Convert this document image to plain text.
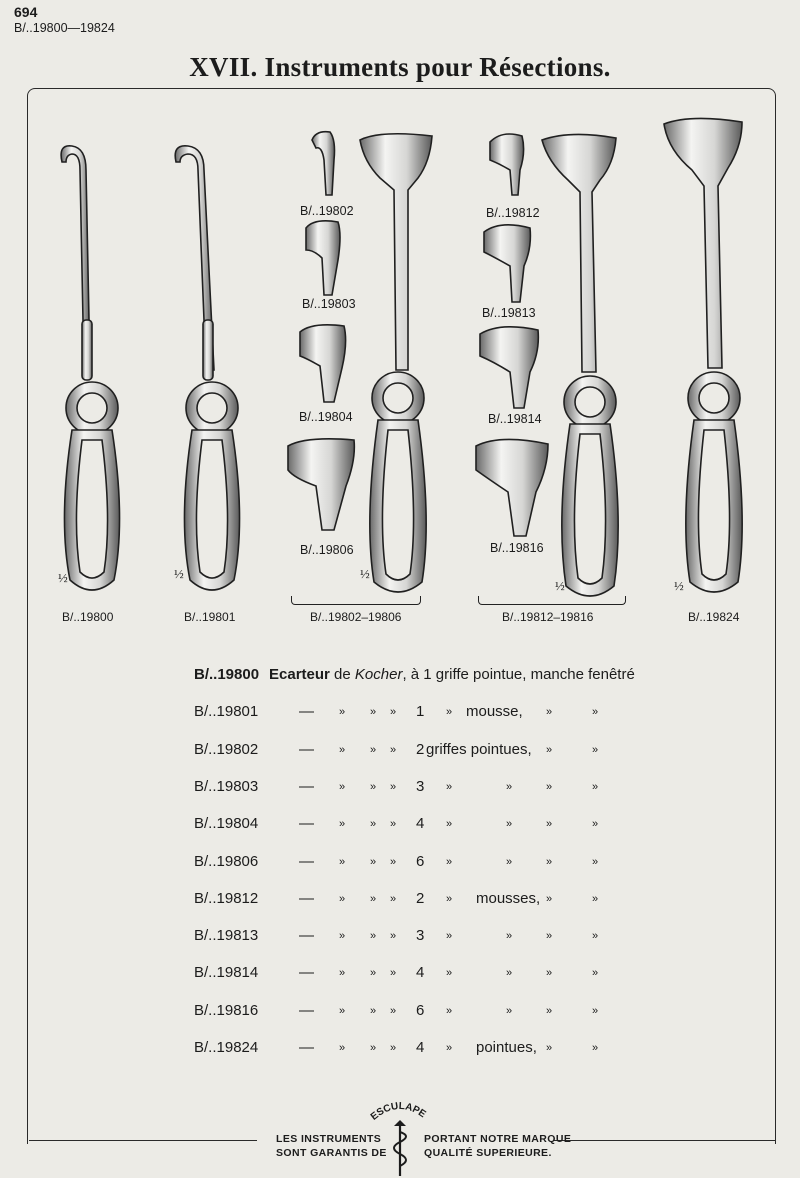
694
B/..19800—19824
XVII. Instruments pour Résections.
B/..19802
B/..19803
B/..19804
B/..19806
B/..19812
B/..19813
B/..19814
B/..19816
½	½	½
½	½
B/..19800	B/..19801	B/..19802–19806	B/..19812–19816	B/..19824
B/..19800 Ecarteur de Kocher, à 1 griffe pointue, manche fenêtré
B/..19801	— » » » 1 » mousse, »	»
B/..19802	— » » » 2 griffes pointues, »	»
B/..19803	— » » » 3 »	»	»	»
B/..19804	— » » » 4 »	»	»	»
B/..19806	— » » » 6 »	»	»	»
B/..19812	— » » » 2 » mousses, »	»
B/..19813	— » » » 3 »	»	»	»
B/..19814	— » » » 4 »	»	»	»
B/..19816	— » » » 6 »	»	»	»
B/..19824	— » » » 4 » pointues, »	»
LES INSTRUMENTS
SONT GARANTIS DE
PORTANT NOTRE MARQUE
QUALITÉ SUPERIEURE.
ESCULAPE
